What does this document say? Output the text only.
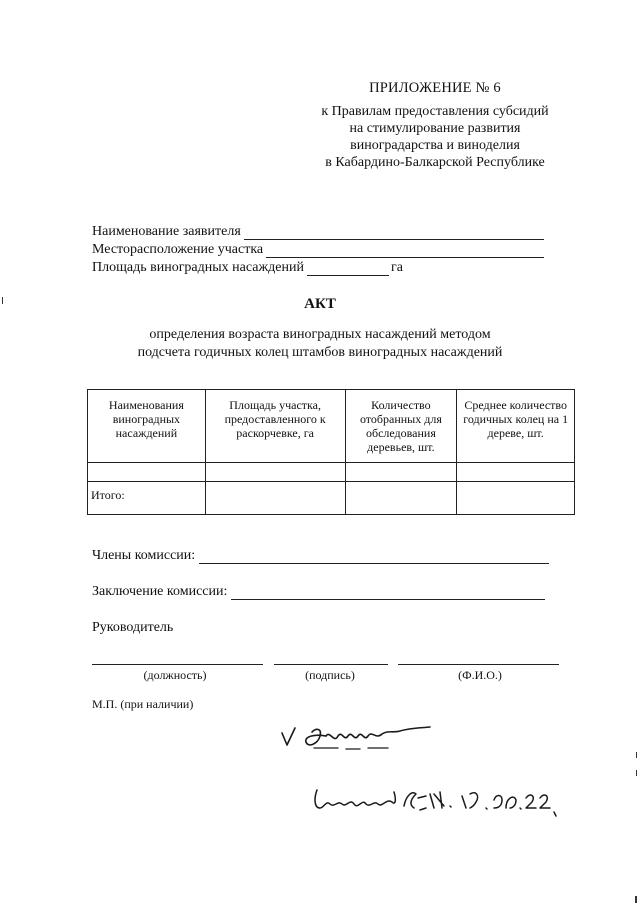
ПРИЛОЖЕНИЕ № 6
к Правилам предоставления субсидий
на стимулирование развития
виноградарства и виноделия
в Кабардино-Балкарской Республике
Наименование заявителя
Месторасположение участка
Площадь виноградных насаждений	га
АКТ
определения возраста виноградных насаждений методом
подсчета годичных колец штамбов виноградных насаждений
Наименования виноградных насаждений	Площадь участка, предоставленного к раскорчевке, га	Количество отобранных для обследования деревьев, шт.	Среднее количество годичных колец на 1 дереве, шт.

Итого:			
Члены комиссии:
Заключение комиссии:
Руководитель
(должность)	(подпись)	(Ф.И.О.)
М.П. (при наличии)
